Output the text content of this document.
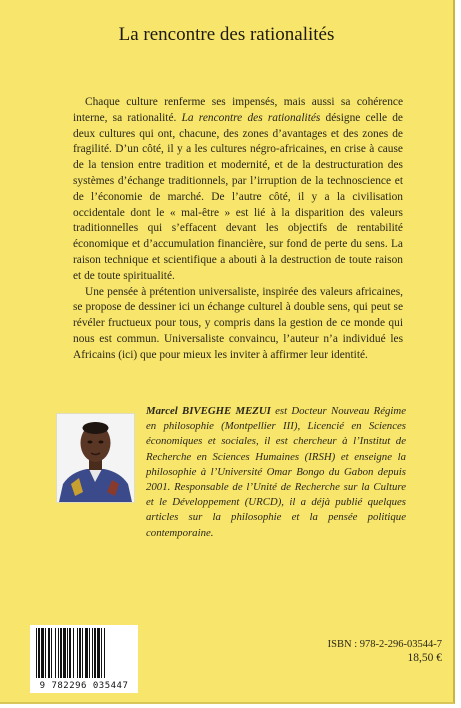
La rencontre des rationalités

Chaque culture renferme ses impensés, mais aussi sa cohérence interne, sa rationalité. La rencontre des rationalités désigne celle de deux cultures qui ont, chacune, des zones d’avantages et des zones de fragilité. D’un côté, il y a les cultures négro-africaines, en crise à cause de la tension entre tradition et modernité, et de la destructuration des systèmes d’échange traditionnels, par l’irruption de la technoscience et de l’économie de marché. De l’autre côté, il y a la civilisation occidentale dont le « mal-être » est lié à la disparition des valeurs traditionnelles qui s’effacent devant les objectifs de rentabilité économique et d’accumulation financière, sur fond de perte du sens. La raison technique et scientifique a abouti à la destruction de toute raison et de toute spiritualité.

Une pensée à prétention universaliste, inspirée des valeurs africaines, se propose de dessiner ici un échange culturel à double sens, qui peut se révéler fructueux pour tous, y compris dans la gestion de ce monde qui nous est commun. Universaliste convaincu, l’auteur n’a individué les Africains (ici) que pour mieux les inviter à affirmer leur identité.

Marcel BIVEGHE MEZUI est Docteur Nouveau Régime en philosophie (Montpellier III), Licencié en Sciences économiques et sociales, il est chercheur à l’Institut de Recherche en Sciences Humaines (IRSH) et enseigne la philosophie à l’Université Omar Bongo du Gabon depuis 2001. Responsable de l’Unité de Recherche sur la Culture et le Développement (URCD), il a déjà publié quelques articles sur la philosophie et la pensée politique contemporaine.
9 782296 035447
ISBN : 978-2-296-03544-7
18,50 €
